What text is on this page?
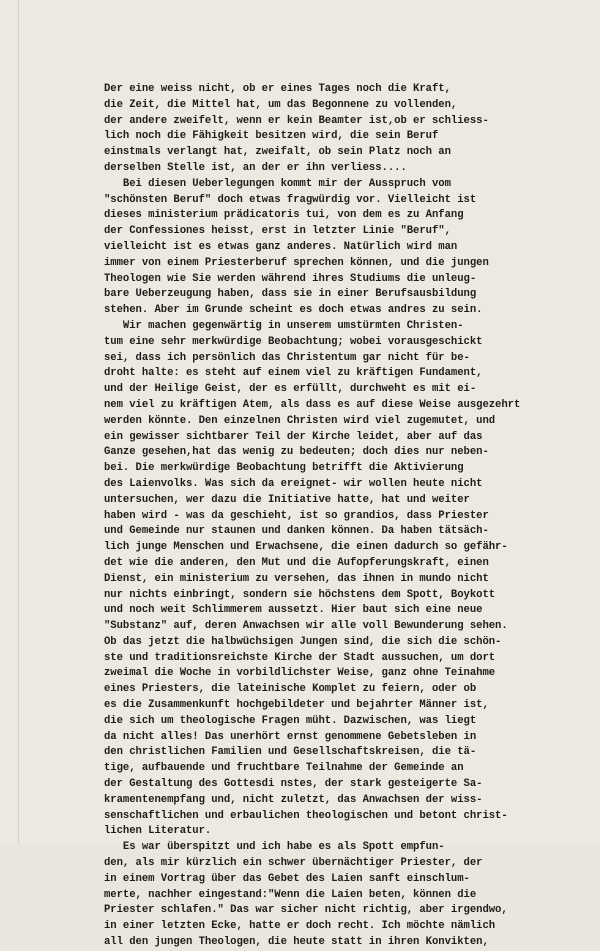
Der eine weiss nicht, ob er eines Tages noch die Kraft,
die Zeit, die Mittel hat, um das Begonnene zu vollenden,
der andere zweifelt, wenn er kein Beamter ist,ob er schliess-
lich noch die Fähigkeit besitzen wird, die sein Beruf
einstmals verlangt hat, zweifalt, ob sein Platz noch an
derselben Stelle ist, an der er ihn verliess....
Bei diesen Ueberlegungen kommt mir der Ausspruch vom
"schönsten Beruf" doch etwas fragwürdig vor. Vielleicht ist
dieses ministerium prädicatoris tui, von dem es zu Anfang
der Confessiones heisst, erst in letzter Linie "Beruf",
vielleicht ist es etwas ganz anderes. Natürlich wird man
immer von einem Priesterberuf sprechen können, und die jungen
Theologen wie Sie werden während ihres Studiums die unleug-
bare Ueberzeugung haben, dass sie in einer Berufsausbildung
stehen. Aber im Grunde scheint es doch etwas andres zu sein.
Wir machen gegenwärtig in unserem umstürmten Christen-
tum eine sehr merkwürdige Beobachtung; wobei vorausgeschickt
sei, dass ich persönlich das Christentum gar nicht für be-
droht halte: es steht auf einem viel zu kräftigen Fundament,
und der Heilige Geist, der es erfüllt, durchweht es mit ei-
nem viel zu kräftigen Atem, als dass es auf diese Weise ausgezehrt
werden könnte. Den einzelnen Christen wird viel zugemutet, und
ein gewisser sichtbarer Teil der Kirche leidet, aber auf das
Ganze gesehen,hat das wenig zu bedeuten; doch dies nur neben-
bei. Die merkwürdige Beobachtung betrifft die Aktivierung
des Laienvolks. Was sich da ereignet- wir wollen heute nicht
untersuchen, wer dazu die Initiative hatte, hat und weiter
haben wird - was da geschieht, ist so grandios, dass Priester
und Gemeinde nur staunen und danken können. Da haben tätsäch-
lich junge Menschen und Erwachsene, die einen dadurch so gefähr-
det wie die anderen, den Mut und die Aufopferungskraft, einen
Dienst, ein ministerium zu versehen, das ihnen in mundo nicht
nur nichts einbringt, sondern sie höchstens dem Spott, Boykott
und noch weit Schlimmerem aussetzt. Hier baut sich eine neue
"Substanz" auf, deren Anwachsen wir alle voll Bewunderung sehen.
Ob das jetzt die halbwüchsigen Jungen sind, die sich die schön-
ste und traditionsreichste Kirche der Stadt aussuchen, um dort
zweimal die Woche in vorbildlichster Weise, ganz ohne Teinahme
eines Priesters, die lateinische Komplet zu feiern, oder ob
es die Zusammenkunft hochgebildeter und bejahrter Männer ist,
die sich um theologische Fragen müht. Dazwischen, was liegt
da nicht alles! Das unerhört ernst genommene Gebetsleben in
den christlichen Familien und Gesellschaftskreisen, die tä-
tige, aufbauende und fruchtbare Teilnahme der Gemeinde an
der Gestaltung des Gottesdi nstes, der stark gesteigerte Sa-
kramentenempfang und, nicht zuletzt, das Anwachsen der wiss-
senschaftlichen und erbaulichen theologischen und betont christ-
lichen Literatur.
Es war überspitzt und ich habe es als Spott empfun-
den, als mir kürzlich ein schwer übernächtiger Priester, der
in einem Vortrag über das Gebet des Laien sanft einschlum-
merte, nachher eingestand:"Wenn die Laien beten, können die
Priester schlafen." Das war sicher nicht richtig, aber irgendwo,
in einer letzten Ecke, hatte er doch recht. Ich möchte nämlich
all den jungen Theologen, die heute statt in ihren Konvikten,
